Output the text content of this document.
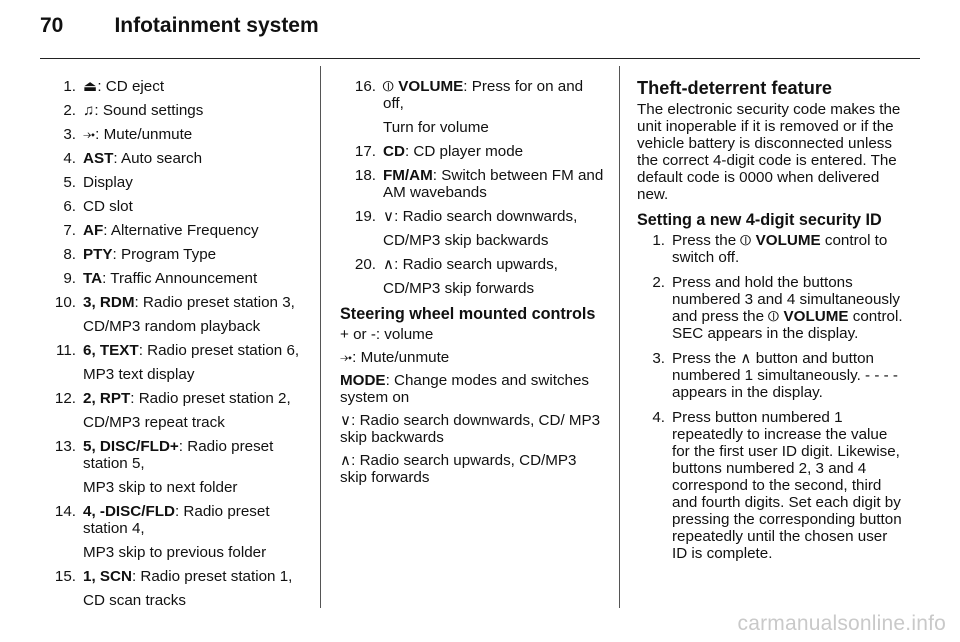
70 Infotainment system
1. ⏏: CD eject
2. ♫: Sound settings
3. ⤞: Mute/unmute
4. AST: Auto search
5. Display
6. CD slot
7. AF: Alternative Frequency
8. PTY: Program Type
9. TA: Traffic Announcement
10. 3, RDM: Radio preset station 3,
CD/MP3 random playback
11. 6, TEXT: Radio preset station 6,
MP3 text display
12. 2, RPT: Radio preset station 2,
CD/MP3 repeat track
13. 5, DISC/FLD+: Radio preset station 5,
MP3 skip to next folder
14. 4, -DISC/FLD: Radio preset station 4,
MP3 skip to previous folder
15. 1, SCN: Radio preset station 1,
CD scan tracks
16. ⦶ VOLUME: Press for on and off,
Turn for volume
17. CD: CD player mode
18. FM/AM: Switch between FM and AM wavebands
19. ∨: Radio search downwards,
CD/MP3 skip backwards
20. ∧: Radio search upwards,
CD/MP3 skip forwards
Steering wheel mounted controls
+ or -: volume
⤞: Mute/unmute
MODE: Change modes and switches system on
∨: Radio search downwards, CD/ MP3 skip backwards
∧: Radio search upwards, CD/MP3 skip forwards
Theft-deterrent feature
The electronic security code makes the unit inoperable if it is removed or if the vehicle battery is disconnected unless the correct 4-digit code is entered. The default code is 0000 when delivered new.
Setting a new 4-digit security ID
1. Press the ⦶ VOLUME control to switch off.
2. Press and hold the buttons numbered 3 and 4 simultaneously and press the ⦶ VOLUME control. SEC appears in the display.
3. Press the ∧ button and button numbered 1 simultaneously. - - - - appears in the display.
4. Press button numbered 1 repeatedly to increase the value for the first user ID digit. Likewise, buttons numbered 2, 3 and 4 correspond to the second, third and fourth digits. Set each digit by pressing the corresponding button repeatedly until the chosen user ID is complete.
carmanualsonline.info
